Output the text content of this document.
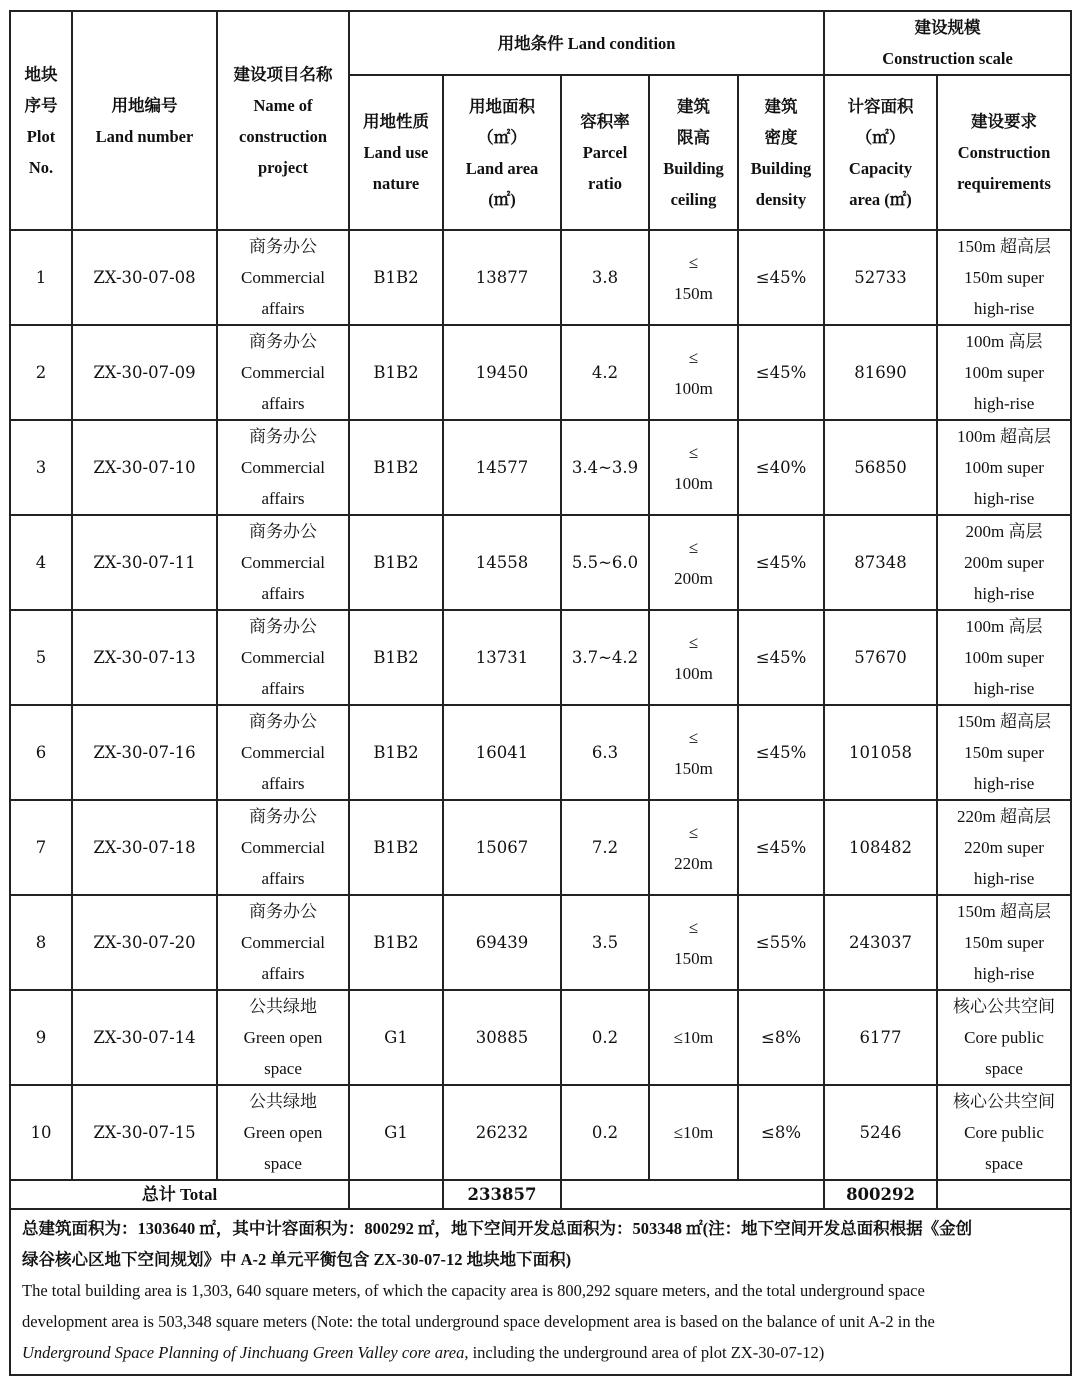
地块
序号
Plot
No.	用地编号
Land number	建设项目名称
Name of
construction
project	用地条件 Land condition					建设规模
Construction scale	

			用地性质
Land use
nature	用地面积
（㎡）
Land area
(㎡)	容积率
Parcel
ratio	建筑
限高
Building
ceiling	建筑
密度
Building
density	计容面积
（㎡）
Capacity
area (㎡)	建设要求
Construction
requirements

1	ZX-30-07-08	商务办公
Commercial
affairs	B1B2	13877	3.8	≤
150m	≤45%	52733	150m 超高层
150m super
high-rise

2	ZX-30-07-09	商务办公
Commercial
affairs	B1B2	19450	4.2	≤
100m	≤45%	81690	100m 高层
100m super
high-rise

3	ZX-30-07-10	商务办公
Commercial
affairs	B1B2	14577	3.4~3.9	≤
100m	≤40%	56850	100m 超高层
100m super
high-rise

4	ZX-30-07-11	商务办公
Commercial
affairs	B1B2	14558	5.5~6.0	≤
200m	≤45%	87348	200m 高层
200m super
high-rise

5	ZX-30-07-13	商务办公
Commercial
affairs	B1B2	13731	3.7~4.2	≤
100m	≤45%	57670	100m 高层
100m super
high-rise

6	ZX-30-07-16	商务办公
Commercial
affairs	B1B2	16041	6.3	≤
150m	≤45%	101058	150m 超高层
150m super
high-rise

7	ZX-30-07-18	商务办公
Commercial
affairs	B1B2	15067	7.2	≤
220m	≤45%	108482	220m 超高层
220m super
high-rise

8	ZX-30-07-20	商务办公
Commercial
affairs	B1B2	69439	3.5	≤
150m	≤55%	243037	150m 超高层
150m super
high-rise

9	ZX-30-07-14	公共绿地
Green open
space	G1	30885	0.2	≤10m	≤8%	6177	核心公共空间
Core public
space

10	ZX-30-07-15	公共绿地
Green open
space	G1	26232	0.2	≤10m	≤8%	5246	核心公共空间
Core public
space

总计 Total				233857				800292	

总建筑面积为：1303640 ㎡，其中计容面积为：800292 ㎡，地下空间开发总面积为：503348 ㎡(注：地下空间开发总面积根据《金创
绿谷核心区地下空间规划》中 A-2 单元平衡包含 ZX-30-07-12 地块地下面积)
The total building area is 1,303, 640 square meters, of which the capacity area is 800,292 square meters, and the total underground space
development area is 503,348 square meters (Note: the total underground space development area is based on the balance of unit A-2 in the
Underground Space Planning of Jinchuang Green Valley core area, including the underground area of plot ZX-30-07-12)									
